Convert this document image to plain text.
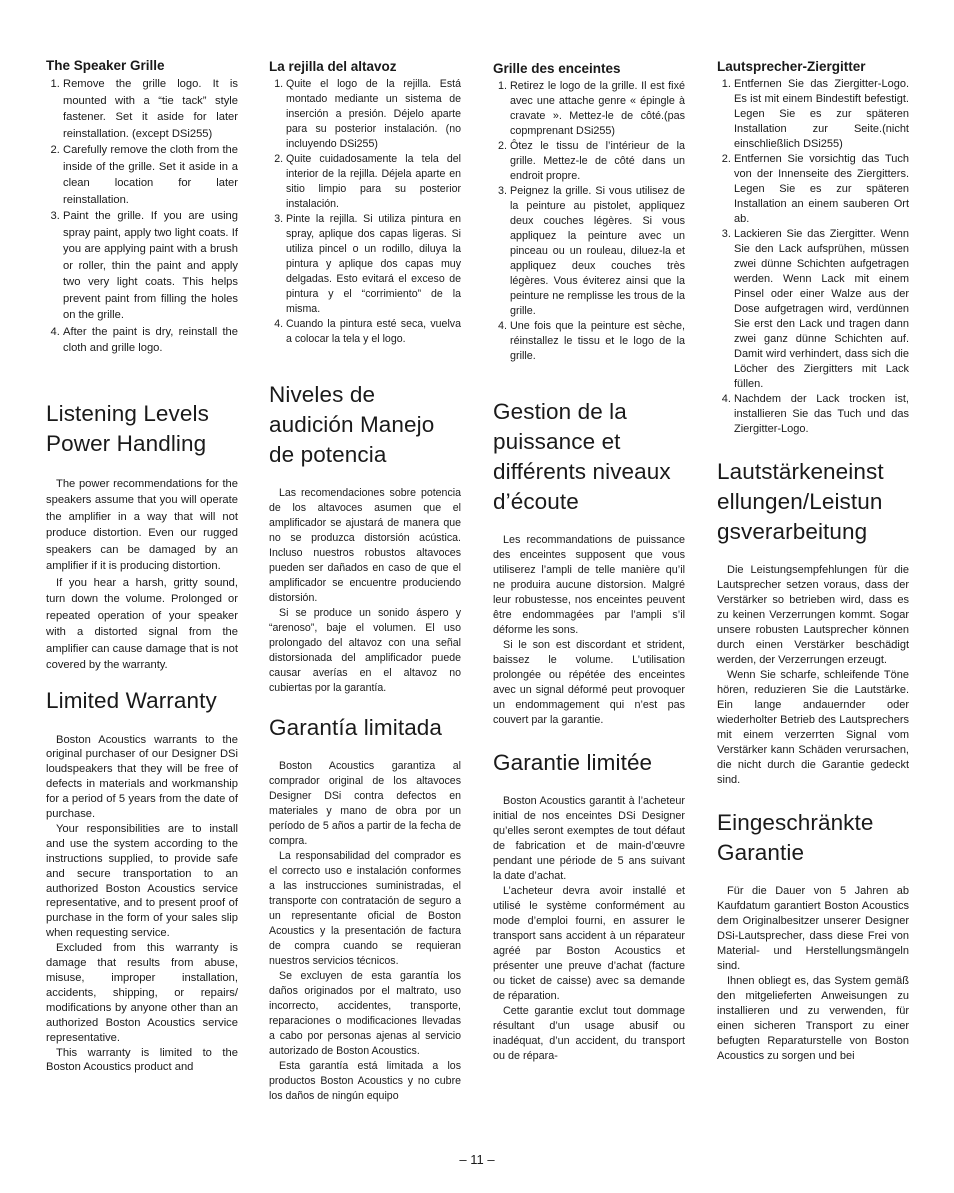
The Speaker Grille
1. Remove the grille logo. It is mounted with a “tie tack” style fastener. Set it aside for later reinstallation. (except DSi255)
2. Carefully remove the cloth from the inside of the grille. Set it aside in a clean location for later reinstallation.
3. Paint the grille. If you are using spray paint, apply two light coats. If you are applying paint with a brush or roller, thin the paint and apply two very light coats. This helps prevent paint from filling the holes on the grille.
4. After the paint is dry, reinstall the cloth and grille logo.
Listening Levels Power Handling

The power recommendations for the speakers assume that you will operate the amplifier in a way that will not produce distortion. Even our rugged speakers can be damaged by an amplifier if it is producing distortion.

If you hear a harsh, gritty sound, turn down the volume. Prolonged or repeated operation of your speaker with a distorted signal from the amplifier can cause damage that is not covered by the warranty.

Limited Warranty

Boston Acoustics warrants to the original purchaser of our Designer DSi loudspeakers that they will be free of defects in materials and workmanship for a period of 5 years from the date of purchase.

Your responsibilities are to install and use the system according to the instructions supplied, to provide safe and secure transportation to an authorized Boston Acoustics service representative, and to present proof of purchase in the form of your sales slip when requesting service.

Excluded from this warranty is damage that results from abuse, misuse, improper installation, accidents, shipping, or repairs/ modifications by anyone other than an authorized Boston Acoustics service representative.

This warranty is limited to the Boston Acoustics product and

La rejilla del altavoz
1. Quite el logo de la rejilla. Está montado mediante un sistema de inserción a presión. Déjelo aparte para su posterior instalación. (no incluyendo DSi255)
2. Quite cuidadosamente la tela del interior de la rejilla. Déjela aparte en sitio limpio para su posterior instalación.
3. Pinte la rejilla. Si utiliza pintura en spray, aplique dos capas ligeras. Si utiliza pincel o un rodillo, diluya la pintura y aplique dos capas muy delgadas. Esto evitará el exceso de pintura y el “corrimiento” de la misma.
4. Cuando la pintura esté seca, vuelva a colocar la tela y el logo.
Niveles de audición Manejo de potencia

Las recomendaciones sobre potencia de los altavoces asumen que el amplificador se ajustará de manera que no se produzca distorsión acústica. Incluso nuestros robustos altavoces pueden ser dañados en caso de que el amplificador se encuentre produciendo distorsión.

Si se produce un sonido áspero y “arenoso”, baje el volumen. El uso prolongado del altavoz con una señal distorsionada del amplificador puede causar averías en el altavoz no cubiertas por la garantía.

Garantía limitada

Boston Acoustics garantiza al comprador original de los altavoces Designer DSi contra defectos en materiales y mano de obra por un período de 5 años a partir de la fecha de compra.

La responsabilidad del comprador es el correcto uso e instalación conformes a las instrucciones suministradas, el transporte con contratación de seguro a un representante oficial de Boston Acoustics y la presentación de factura de compra cuando se requieran nuestros servicios técnicos.

Se excluyen de esta garantía los daños originados por el maltrato, uso incorrecto, accidentes, transporte, reparaciones o modificaciones llevadas a cabo por personas ajenas al servicio autorizado de Boston Acoustics.

Esta garantía está limitada a los productos Boston Acoustics y no cubre los daños de ningún equipo

Grille des enceintes
1. Retirez le logo de la grille. Il est fixé avec une attache genre « épingle à cravate ». Mettez-le de côté.(pas copmprenant DSi255)
2. Ôtez le tissu de l’intérieur de la grille. Mettez-le de côté dans un endroit propre.
3. Peignez la grille. Si vous utilisez de la peinture au pistolet, appliquez deux couches légères. Si vous appliquez la peinture avec un pinceau ou un rouleau, diluez-la et appliquez deux couches très légères. Vous éviterez ainsi que la peinture ne remplisse les trous de la grille.
4. Une fois que la peinture est sèche, réinstallez le tissu et le logo de la grille.
Gestion de la puissance et différents niveaux d’écoute

Les recommandations de puissance des enceintes supposent que vous utiliserez l’ampli de telle manière qu’il ne produira aucune distorsion. Malgré leur robustesse, nos enceintes peuvent être endommagées par l’ampli s’il déforme les sons.

Si le son est discordant et strident, baissez le volume. L’utilisation prolongée ou répétée des enceintes avec un signal déformé peut provoquer un endommagement qui n’est pas couvert par la garantie.

Garantie limitée

Boston Acoustics garantit à l’acheteur initial de nos enceintes DSi Designer qu’elles seront exemptes de tout défaut de fabrication et de main-d’œuvre pendant une période de 5 ans suivant la date d’achat.

L’acheteur devra avoir installé et utilisé le système conformément au mode d’emploi fourni, en assurer le transport sans accident à un réparateur agréé par Boston Acoustics et présenter une preuve d’achat (facture ou ticket de caisse) avec sa demande de réparation.

Cette garantie exclut tout dommage résultant d’un usage abusif ou inadéquat, d’un accident, du transport ou de répara-

Lautsprecher-Ziergitter
1. Entfernen Sie das Ziergitter-Logo. Es ist mit einem Bindestift befestigt. Legen Sie es zur späteren Installation zur Seite.(nicht einschließlich DSi255)
2. Entfernen Sie vorsichtig das Tuch von der Innenseite des Ziergitters. Legen Sie es zur späteren Installation an einem sauberen Ort ab.
3. Lackieren Sie das Ziergitter. Wenn Sie den Lack aufsprühen, müssen zwei dünne Schichten aufgetragen werden. Wenn Lack mit einem Pinsel oder einer Walze aus der Dose aufgetragen wird, verdünnen Sie erst den Lack und tragen dann zwei ganz dünne Schichten auf. Damit wird verhindert, dass sich die Löcher des Ziergitters mit Lack füllen.
4. Nachdem der Lack trocken ist, installieren Sie das Tuch und das Ziergitter-Logo.
Lautstärkeneinst ellungen/Leistun gsverarbeitung

Die Leistungsempfehlungen für die Lautsprecher setzen voraus, dass der Verstärker so betrieben wird, dass es zu keinen Verzerrungen kommt. Sogar unsere robusten Lautsprecher können durch einen Verstärker beschädigt werden, der Verzerrungen erzeugt.

Wenn Sie scharfe, schleifende Töne hören, reduzieren Sie die Lautstärke. Ein lange andauernder oder wiederholter Betrieb des Lautsprechers mit einem verzerrten Signal vom Verstärker kann Schäden verursachen, die nicht durch die Garantie gedeckt sind.

Eingeschränkte Garantie

Für die Dauer von 5 Jahren ab Kaufdatum garantiert Boston Acoustics dem Originalbesitzer unserer Designer DSi-Lautsprecher, dass diese Frei von Material- und Herstellungsmängeln sind.

Ihnen obliegt es, das System gemäß den mitgelieferten Anweisungen zu installieren und zu verwenden, für einen sicheren Transport zu einer befugten Reparaturstelle von Boston Acoustics zu sorgen und bei

– 11 –
